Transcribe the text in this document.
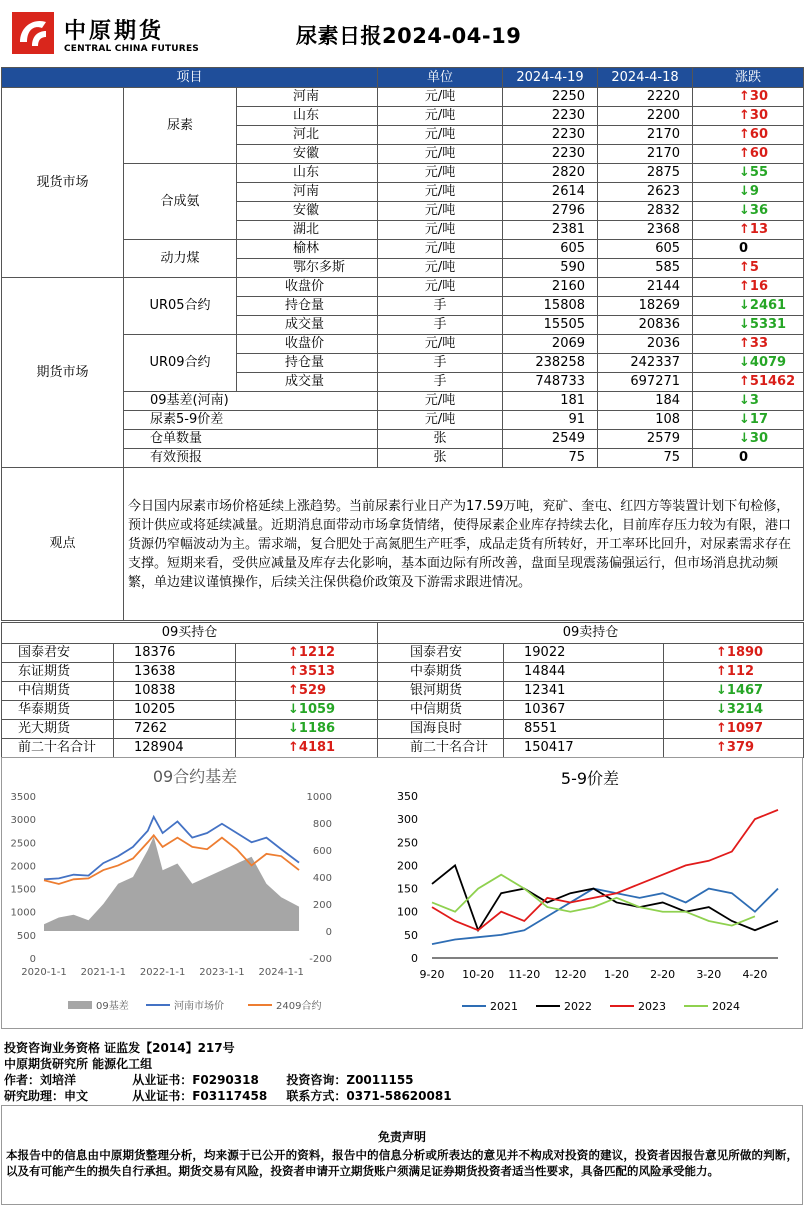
中原期货
CENTRAL CHINA FUTURES
尿素日报2024-04-19
项目			单位	2024-4-19	2024-4-18	涨跌
现货市场	尿素	河南	元/吨	2250	2220	↑30
		山东	元/吨	2230	2200	↑30
		河北	元/吨	2230	2170	↑60
		安徽	元/吨	2230	2170	↑60
	合成氨	山东	元/吨	2820	2875	↓55
		河南	元/吨	2614	2623	↓9
		安徽	元/吨	2796	2832	↓36
		湖北	元/吨	2381	2368	↑13
	动力煤	榆林	元/吨	605	605	0
		鄂尔多斯	元/吨	590	585	↑5
期货市场	UR05合约	收盘价	元/吨	2160	2144	↑16
		持仓量	手	15808	18269	↓2461
		成交量	手	15505	20836	↓5331
	UR09合约	收盘价	元/吨	2069	2036	↑33
		持仓量	手	238258	242337	↓4079
		成交量	手	748733	697271	↑51462
	09基差(河南)		元/吨	181	184	↓3
	尿素5-9价差		元/吨	91	108	↓17
	仓单数量		张	2549	2579	↓30
	有效预报		张	75	75	0
观点	今日国内尿素市场价格延续上涨趋势。当前尿素行业日产为17.59万吨，兖矿、奎屯、红四方等装置计划下旬检修，预计供应或将延续减量。近期消息面带动市场拿货情绪，使得尿素企业库存持续去化，目前库存压力较为有限，港口货源仍窄幅波动为主。需求端，复合肥处于高氮肥生产旺季，成品走货有所转好，开工率环比回升，对尿素需求存在支撑。短期来看，受供应减量及库存去化影响，基本面边际有所改善，盘面呈现震荡偏强运行，但市场消息扰动频繁，单边建议谨慎操作，后续关注保供稳价政策及下游需求跟进情况。					
09买持仓			09卖持仓		
国泰君安	18376	↑1212	国泰君安	19022	↑1890
东证期货	13638	↑3513	中泰期货	14844	↑112
中信期货	10838	↑529	银河期货	12341	↓1467
华泰期货	10205	↓1059	中信期货	10367	↓3214
光大期货	7262	↓1186	国海良时	8551	↑1097
前二十名合计	128904	↑4181	前二十名合计	150417	↑379
09合约基差
0
500
1000
1500
2000
2500
3000
3500
-200
0
200
400
600
800
1000
2020-1-1 2021-1-1 2022-1-1 2023-1-1 2024-1-1
09基差	河南市场价	2409合约
5-9价差
0
50
100
150
200
250
300
350
9-20 10-20 11-20 12-20 1-20 2-20 3-20 4-20
2021	2022	2023	2024
投资咨询业务资格 证监发【2014】217号
中原期货研究所 能源化工组
作者：刘培洋	从业证书：F0290318 投资咨询：Z0011155
研究助理：申文	从业证书：F03117458 联系方式：0371-58620081
免责声明
本报告中的信息由中原期货整理分析，均来源于已公开的资料，报告中的信息分析或所表达的意见并不构成对投资的建议，投资者因报告意见所做的判断，以及有可能产生的损失自行承担。期货交易有风险，投资者申请开立期货账户须满足证券期货投资者适当性要求，具备匹配的风险承受能力。
